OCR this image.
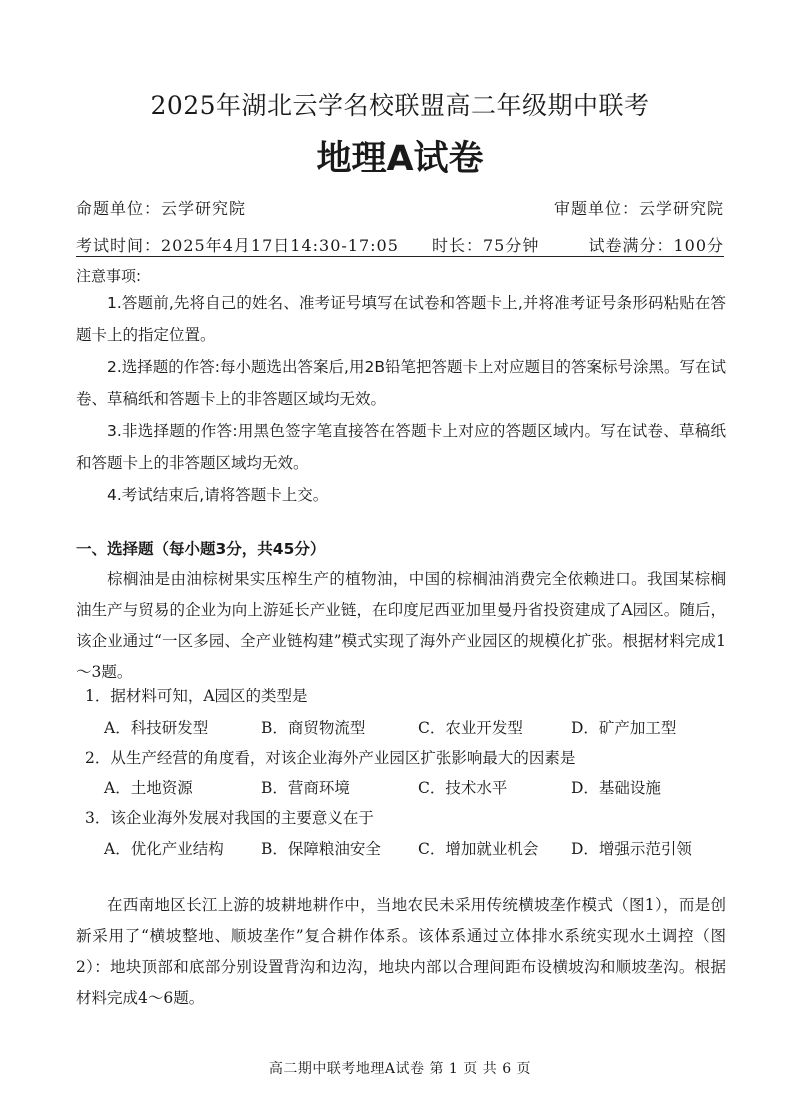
2025年湖北云学名校联盟高二年级期中联考
地理A试卷
命题单位：云学研究院	审题单位：云学研究院
考试时间：2025年4月17日14:30-17:05 时长：75分钟	试卷满分：100分
注意事项:
1.答题前,先将自己的姓名、准考证号填写在试卷和答题卡上,并将准考证号条形码粘贴在答题卡上的指定位置。
2.选择题的作答:每小题选出答案后,用2B铅笔把答题卡上对应题目的答案标号涂黑。写在试卷、草稿纸和答题卡上的非答题区域均无效。
3.非选择题的作答:用黑色签字笔直接答在答题卡上对应的答题区域内。写在试卷、草稿纸和答题卡上的非答题区域均无效。
4.考试结束后,请将答题卡上交。
一、选择题（每小题3分，共45分）
棕榈油是由油棕树果实压榨生产的植物油，中国的棕榈油消费完全依赖进口。我国某棕榈油生产与贸易的企业为向上游延长产业链，在印度尼西亚加里曼丹省投资建成了A园区。随后，该企业通过“一区多园、全产业链构建”模式实现了海外产业园区的规模化扩张。根据材料完成1～3题。
1．据材料可知，A园区的类型是
A．科技研发型	B．商贸物流型	C．农业开发型	D．矿产加工型
2．从生产经营的角度看，对该企业海外产业园区扩张影响最大的因素是
A．土地资源	B．营商环境	C．技术水平	D．基础设施
3．该企业海外发展对我国的主要意义在于
A．优化产业结构 B．保障粮油安全 C．增加就业机会 D．增强示范引领
在西南地区长江上游的坡耕地耕作中，当地农民未采用传统横坡垄作模式（图1），而是创新采用了“横坡整地、顺坡垄作”复合耕作体系。该体系通过立体排水系统实现水土调控（图2）：地块顶部和底部分别设置背沟和边沟，地块内部以合理间距布设横坡沟和顺坡垄沟。根据材料完成4～6题。
高二期中联考地理A试卷 第 1 页 共 6 页
